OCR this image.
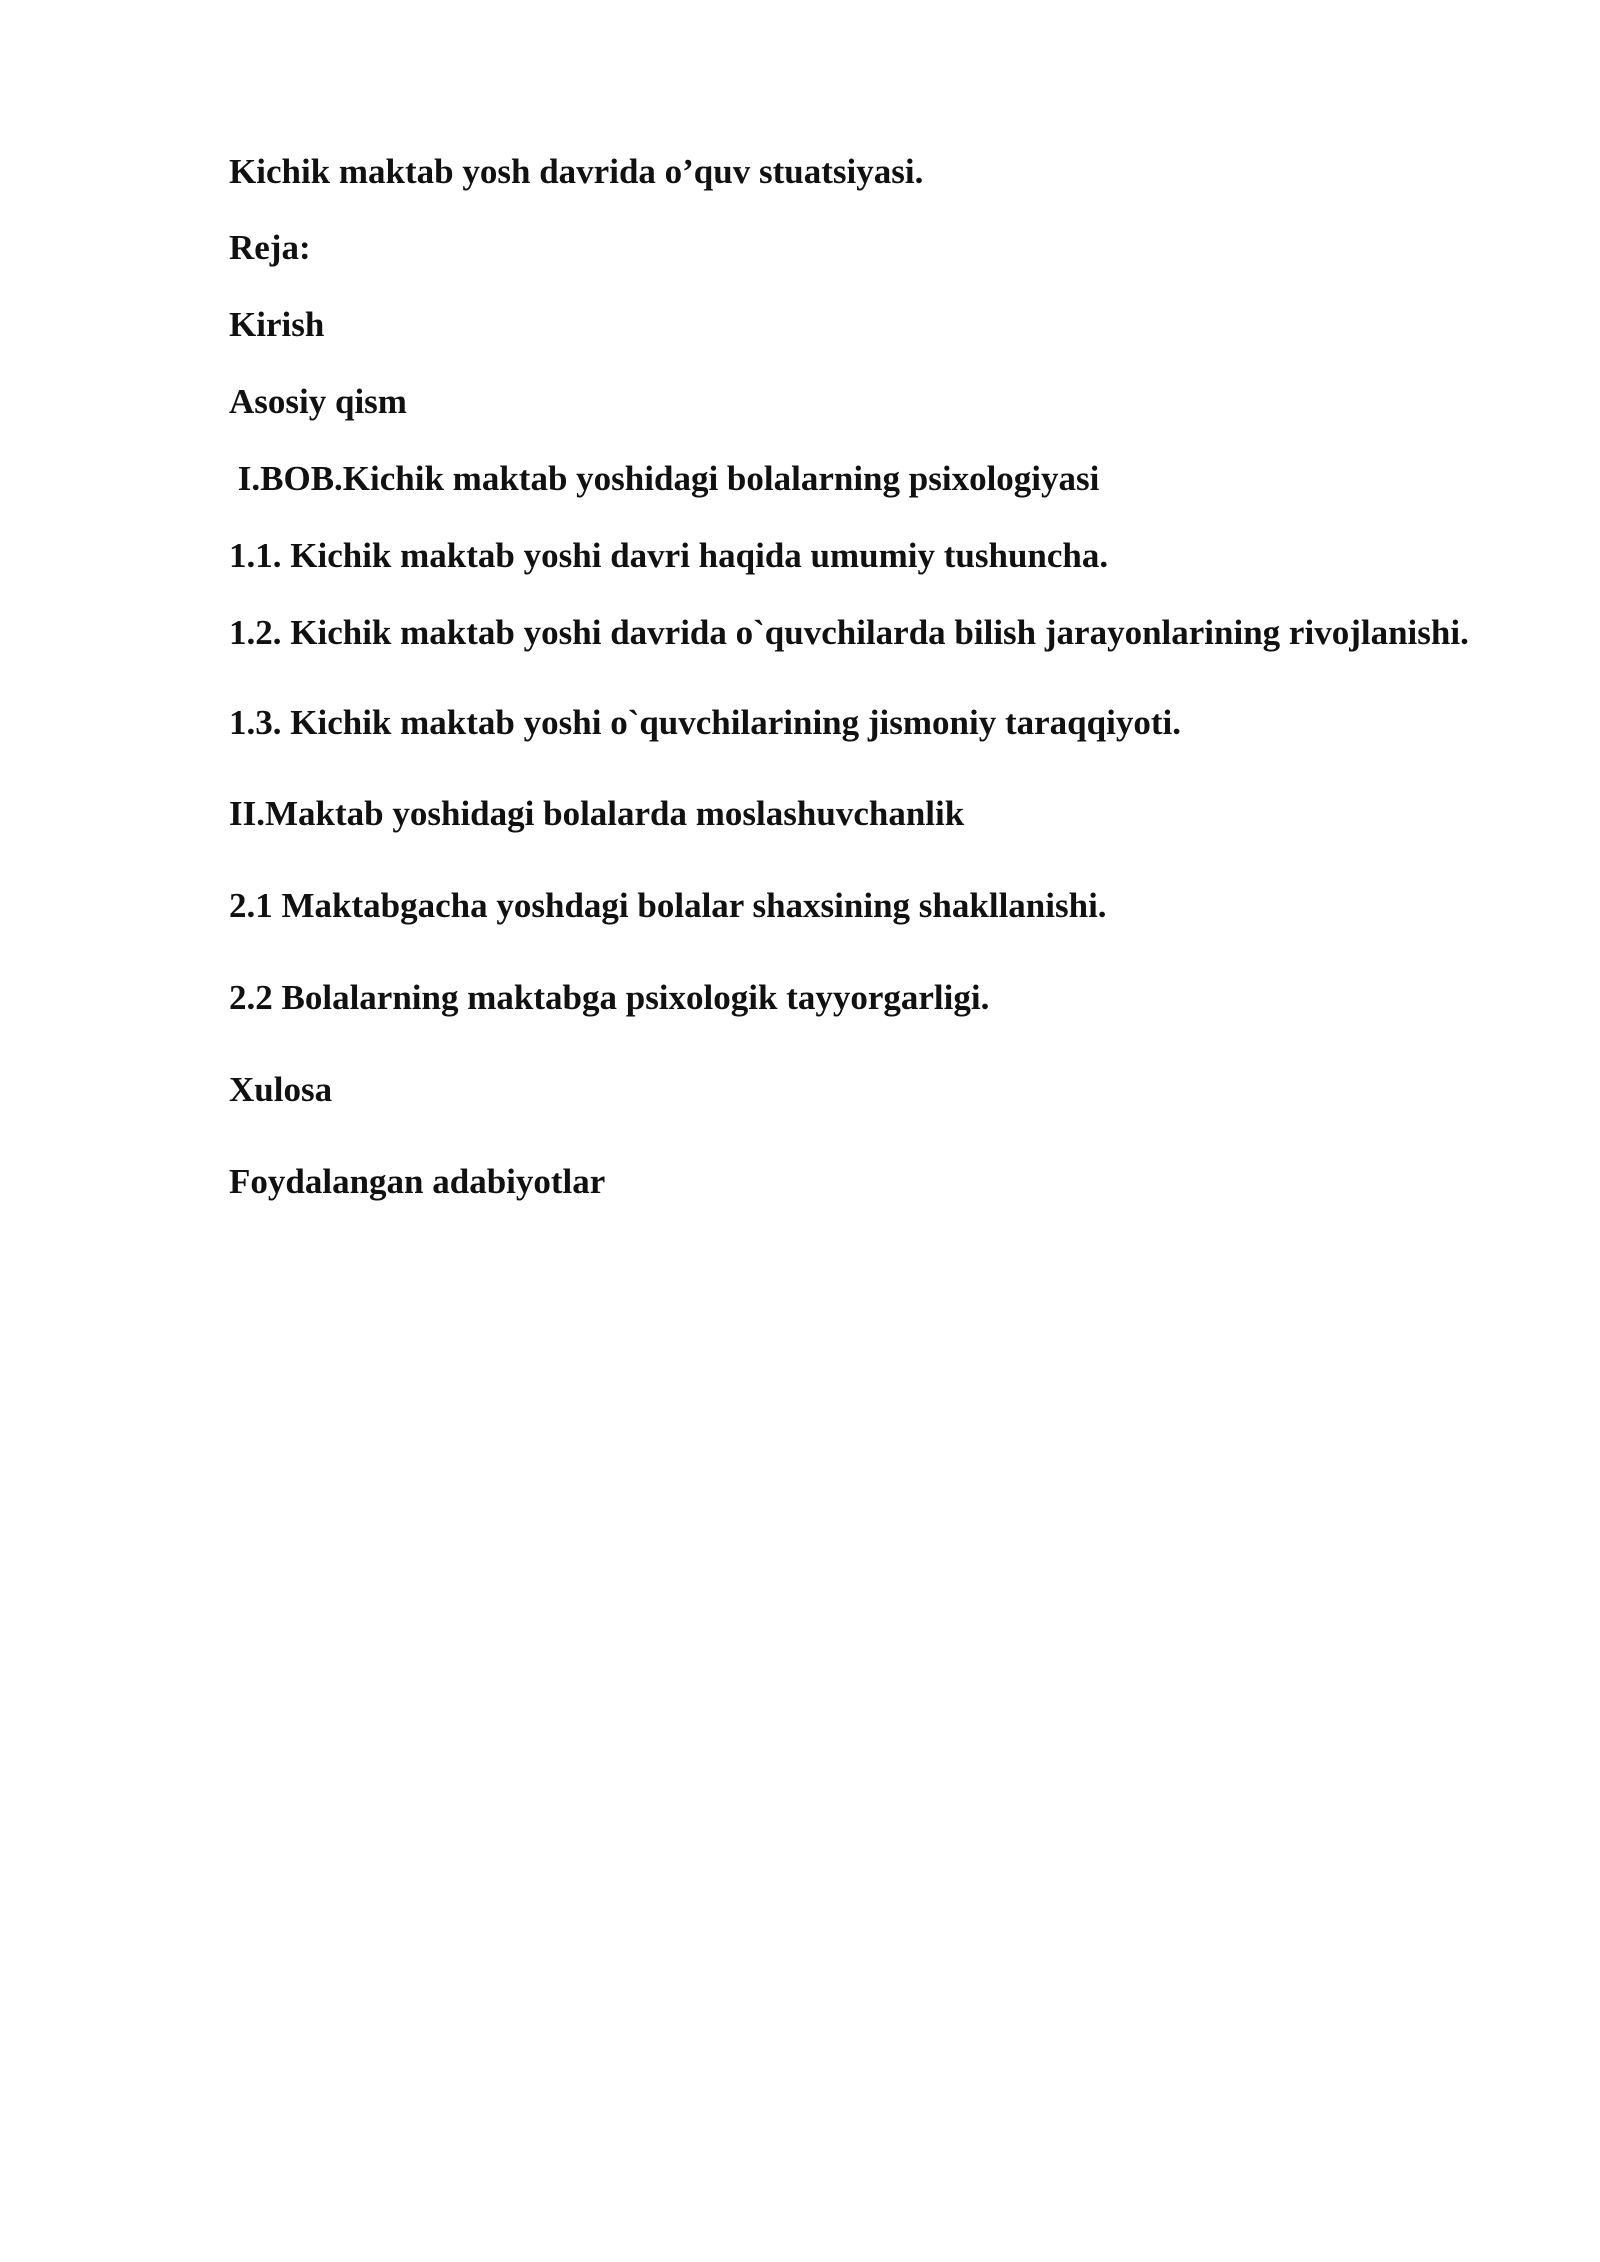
Kichik maktab yosh davrida o’quv stuatsiyasi.

Reja:

Kirish

Asosiy qism

I.BOB.Kichik maktab yoshidagi bolalarning psixologiyasi

1.1. Kichik maktab yoshi davri haqida umumiy tushuncha.

1.2. Kichik maktab yoshi davrida o`quvchilarda bilish jarayonlarining rivojlanishi.

1.3. Kichik maktab yoshi o`quvchilarining jismoniy taraqqiyoti.

II.Maktab yoshidagi bolalarda moslashuvchanlik

2.1 Maktabgacha yoshdagi bolalar shaxsining shakllanishi.

2.2 Bolalarning maktabga psixologik tayyorgarligi.

Xulosa

Foydalangan adabiyotlar
